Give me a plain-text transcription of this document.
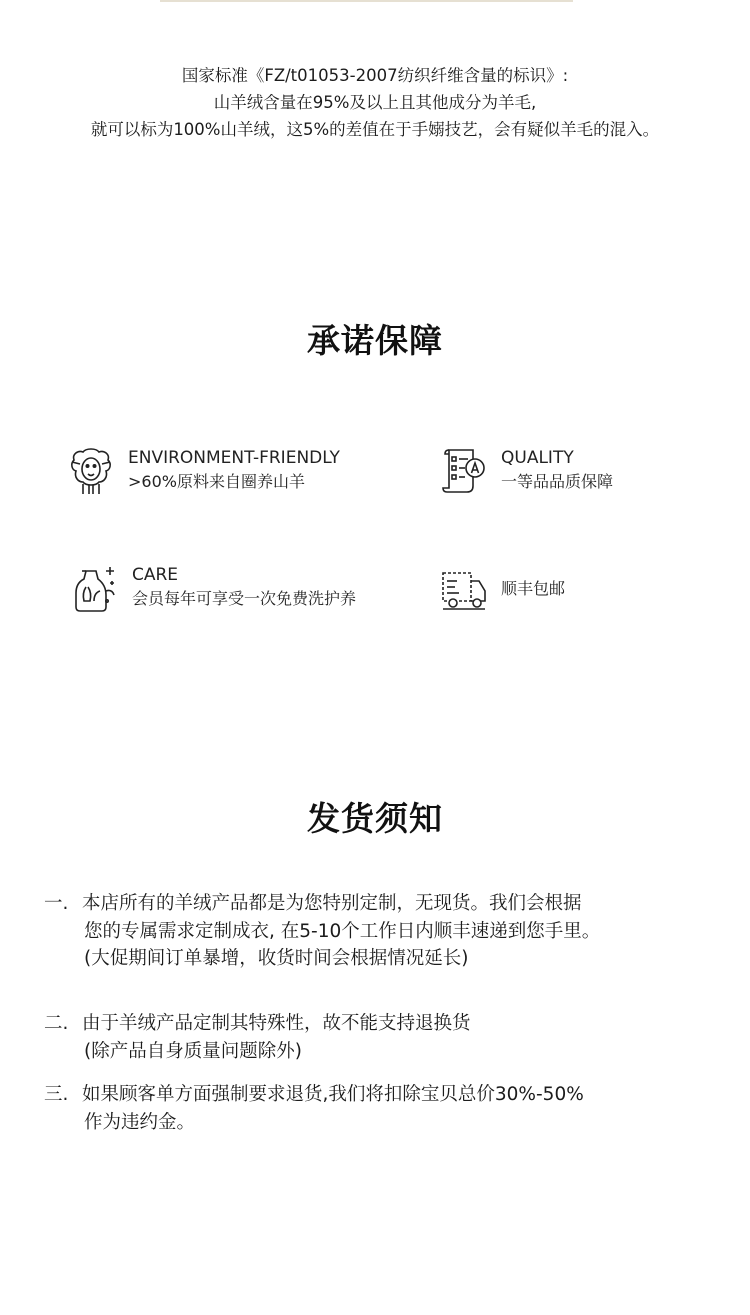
国家标准《FZ/t01053-2007纺织纤维含量的标识》:
山羊绒含量在95%及以上且其他成分为羊毛,
就可以标为100%山羊绒，这5%的差值在于手嫋技艺，会有疑似羊毛的混入。
承诺保障
ENVIRONMENT-FRIENDLY
>60%原料来自圈养山羊
QUALITY
一等品品质保障
CARE
会员每年可享受一次免费洗护养
顺丰包邮
发货须知
一. 本店所有的羊绒产品都是为您特别定制，无现货。我们会根据
您的专属需求定制成衣, 在5-10个工作日内顺丰速递到您手里。
(大促期间订单暴增，收货时间会根据情况延长)
二. 由于羊绒产品定制其特殊性，故不能支持退换货
(除产品自身质量问题除外)
三. 如果顾客单方面强制要求退货,我们将扣除宝贝总价30%-50%
作为违约金。
